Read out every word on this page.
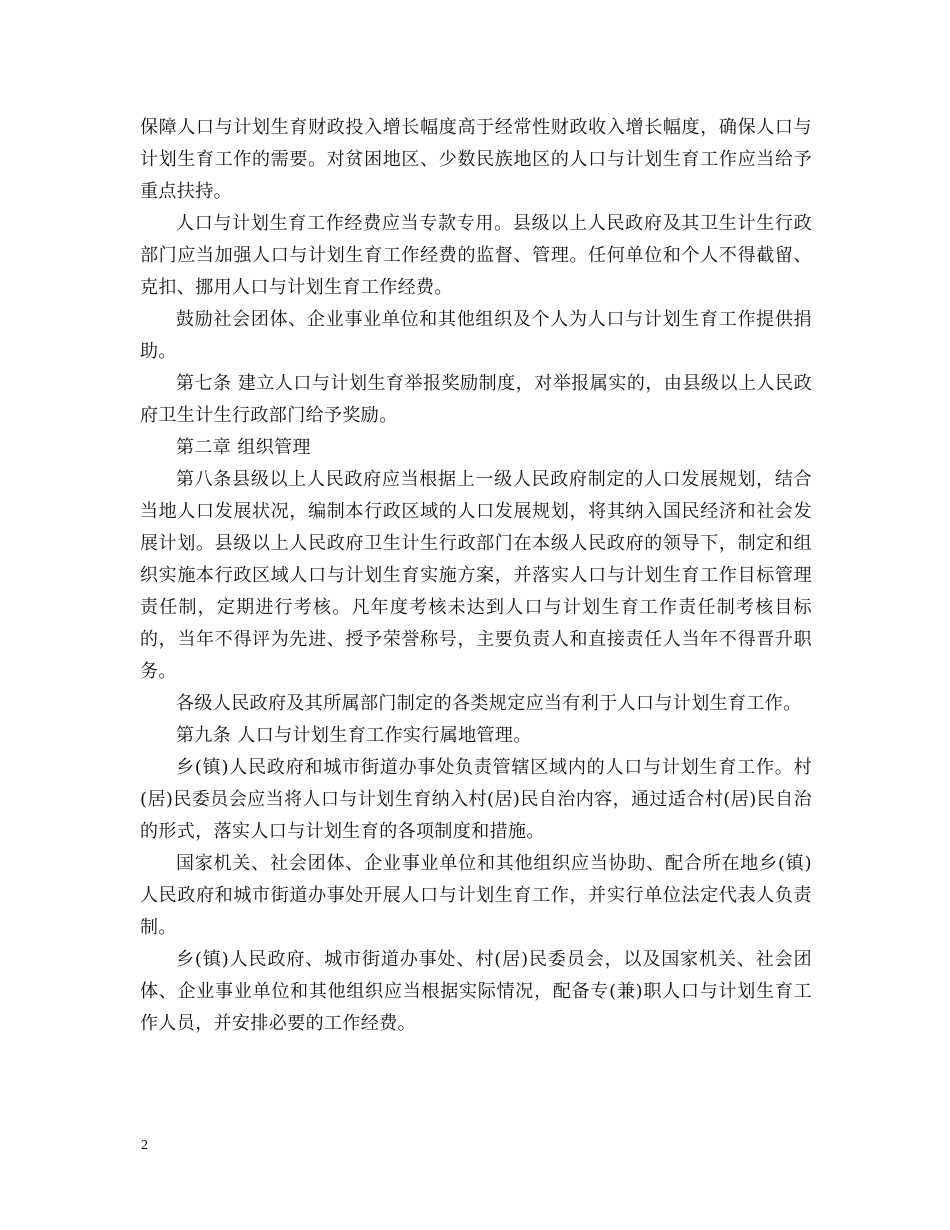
保障人口与计划生育财政投入增长幅度高于经常性财政收入增长幅度，确保人口与计划生育工作的需要。对贫困地区、少数民族地区的人口与计划生育工作应当给予重点扶持。

人口与计划生育工作经费应当专款专用。县级以上人民政府及其卫生计生行政部门应当加强人口与计划生育工作经费的监督、管理。任何单位和个人不得截留、克扣、挪用人口与计划生育工作经费。

鼓励社会团体、企业事业单位和其他组织及个人为人口与计划生育工作提供捐助。

第七条 建立人口与计划生育举报奖励制度，对举报属实的，由县级以上人民政府卫生计生行政部门给予奖励。

第二章 组织管理

第八条县级以上人民政府应当根据上一级人民政府制定的人口发展规划，结合当地人口发展状况，编制本行政区域的人口发展规划，将其纳入国民经济和社会发展计划。县级以上人民政府卫生计生行政部门在本级人民政府的领导下，制定和组织实施本行政区域人口与计划生育实施方案，并落实人口与计划生育工作目标管理责任制，定期进行考核。凡年度考核未达到人口与计划生育工作责任制考核目标的，当年不得评为先进、授予荣誉称号，主要负责人和直接责任人当年不得晋升职务。

各级人民政府及其所属部门制定的各类规定应当有利于人口与计划生育工作。

第九条 人口与计划生育工作实行属地管理。

乡(镇)人民政府和城市街道办事处负责管辖区域内的人口与计划生育工作。村(居)民委员会应当将人口与计划生育纳入村(居)民自治内容，通过适合村(居)民自治的形式，落实人口与计划生育的各项制度和措施。

国家机关、社会团体、企业事业单位和其他组织应当协助、配合所在地乡(镇)人民政府和城市街道办事处开展人口与计划生育工作，并实行单位法定代表人负责制。

乡(镇)人民政府、城市街道办事处、村(居)民委员会，以及国家机关、社会团体、企业事业单位和其他组织应当根据实际情况，配备专(兼)职人口与计划生育工作人员，并安排必要的工作经费。

2
